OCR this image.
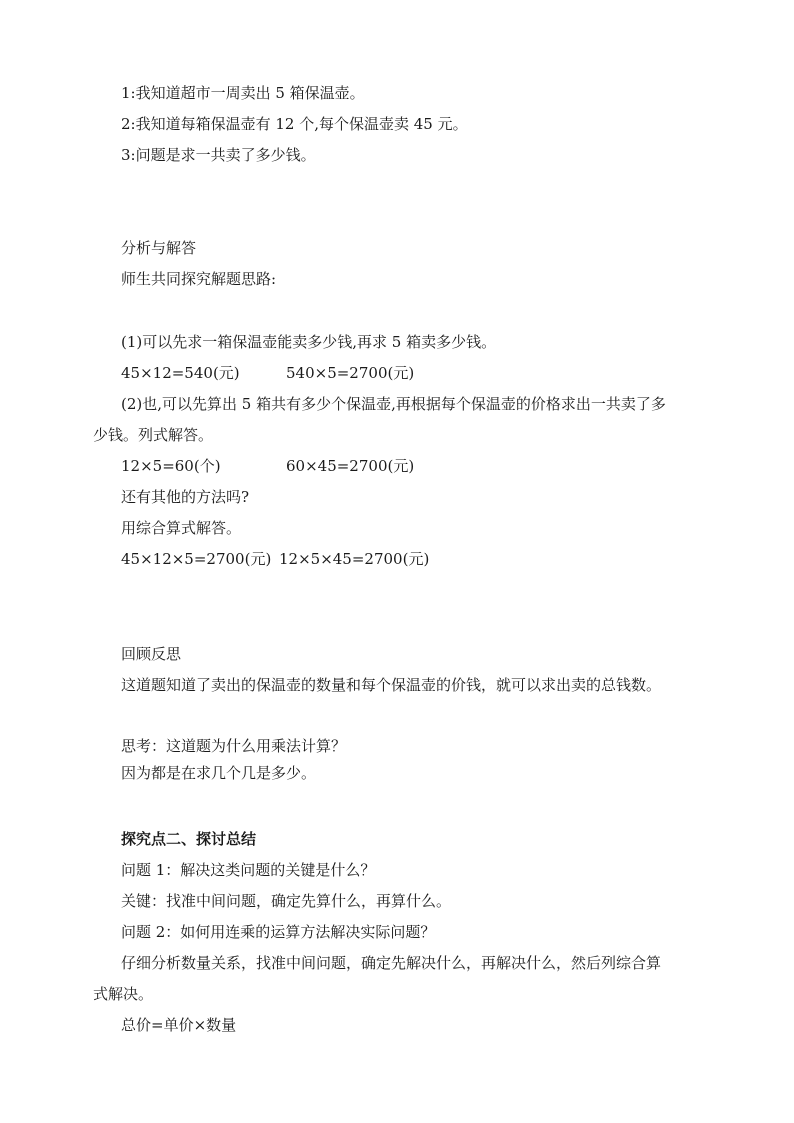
1:我知道超市一周卖出 5 箱保温壶。

2:我知道每箱保温壶有 12 个,每个保温壶卖 45 元。

3:问题是求一共卖了多少钱。

分析与解答

师生共同探究解题思路:

(1)可以先求一箱保温壶能卖多少钱,再求 5 箱卖多少钱。

45×12=540(元)	540×5=2700(元)

(2)也,可以先算出 5 箱共有多少个保温壶,再根据每个保温壶的价格求出一共卖了多

少钱。列式解答。

12×5=60(个)	60×45=2700(元)

还有其他的方法吗?

用综合算式解答。

45×12×5=2700(元) 12×5×45=2700(元)

回顾反思

这道题知道了卖出的保温壶的数量和每个保温壶的价钱，就可以求出卖的总钱数。

思考：这道题为什么用乘法计算？

因为都是在求几个几是多少。

探究点二、探讨总结

问题 1：解决这类问题的关键是什么？

关键：找准中间问题，确定先算什么，再算什么。

问题 2：如何用连乘的运算方法解决实际问题？

仔细分析数量关系，找准中间问题，确定先解决什么，再解决什么，然后列综合算

式解决。

总价=单价×数量
